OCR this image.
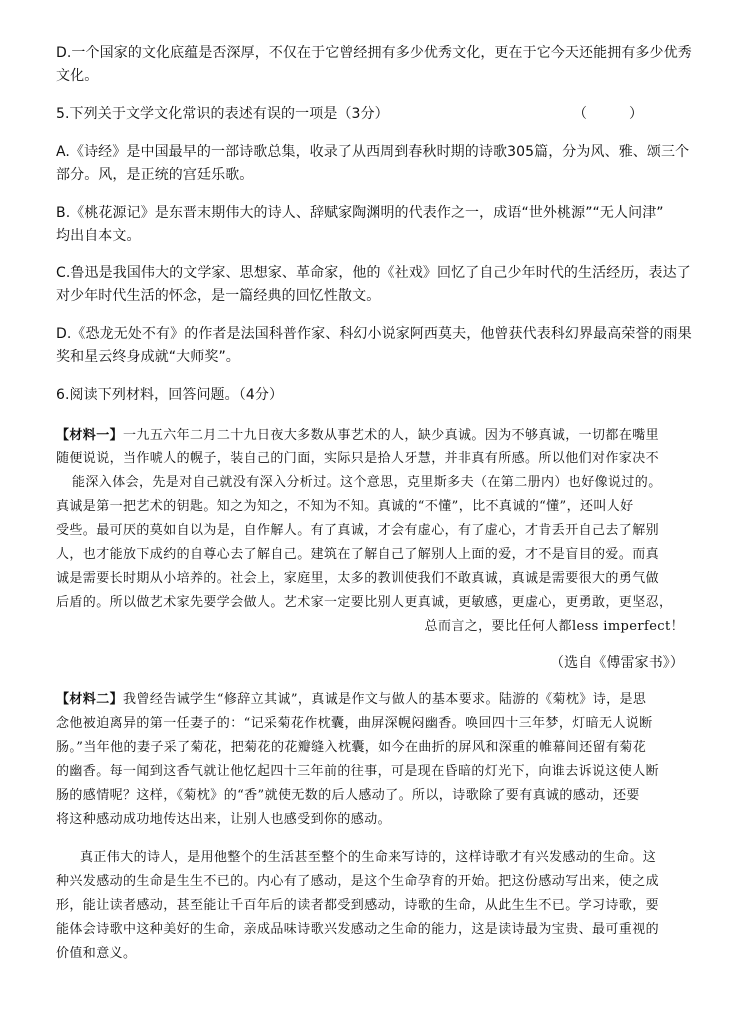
D.一个国家的文化底蕴是否深厚，不仅在于它曾经拥有多少优秀文化，更在于它今天还能拥有多少优秀
文化。
5.下列关于文学文化常识的表述有误的一项是（3分）	（　　　）
A.《诗经》是中国最早的一部诗歌总集，收录了从西周到春秋时期的诗歌305篇，分为风、雅、颂三个
部分。风，是正统的宫廷乐歌。
B.《桃花源记》是东晋末期伟大的诗人、辞赋家陶渊明的代表作之一，成语“世外桃源”“无人问津”
均出自本文。
C.鲁迅是我国伟大的文学家、思想家、革命家，他的《社戏》回忆了自己少年时代的生活经历，表达了
对少年时代生活的怀念，是一篇经典的回忆性散文。
D.《恐龙无处不有》的作者是法国科普作家、科幻小说家阿西莫夫，他曾获代表科幻界最高荣誉的雨果
奖和星云终身成就“大师奖”。
6.阅读下列材料，回答问题。（4分）
【材料一】一九五六年二月二十九日夜大多数从事艺术的人，缺少真诚。因为不够真诚，一切都在嘴里
随便说说，当作唬人的幌子，装自己的门面，实际只是拾人牙慧，并非真有所感。所以他们对作家决不
能深入体会，先是对自己就没有深入分析过。这个意思，克里斯多夫（在第二册内）也好像说过的。
真诚是第一把艺术的钥匙。知之为知之，不知为不知。真诚的“不懂”，比不真诚的“懂”，还叫人好
受些。最可厌的莫如自以为是，自作解人。有了真诚，才会有虚心，有了虚心，才肯丢开自己去了解别
人，也才能放下成约的自尊心去了解自己。建筑在了解自己了解别人上面的爱，才不是盲目的爱。而真
诚是需要长时期从小培养的。社会上，家庭里，太多的教训使我们不敢真诚，真诚是需要很大的勇气做
后盾的。所以做艺术家先要学会做人。艺术家一定要比别人更真诚，更敏感，更虚心，更勇敢，更坚忍，
总而言之，要比任何人都less imperfect！
（选自《傅雷家书》）
【材料二】我曾经告诫学生“修辞立其诚”，真诚是作文与做人的基本要求。陆游的《菊枕》诗，是思
念他被迫离异的第一任妻子的：“记采菊花作枕囊，曲屏深幌闷幽香。唤回四十三年梦，灯暗无人说断
肠。”当年他的妻子采了菊花，把菊花的花瓣缝入枕囊，如今在曲折的屏风和深重的帷幕间还留有菊花
的幽香。每一闻到这香气就让他忆起四十三年前的往事，可是现在昏暗的灯光下，向谁去诉说这使人断
肠的感情呢？这样，《菊枕》的“香”就使无数的后人感动了。所以，诗歌除了要有真诚的感动，还要
将这种感动成功地传达出来，让别人也感受到你的感动。
真正伟大的诗人，是用他整个的生活甚至整个的生命来写诗的，这样诗歌才有兴发感动的生命。这
种兴发感动的生命是生生不已的。内心有了感动，是这个生命孕育的开始。把这份感动写出来，使之成
形，能让读者感动，甚至能让千百年后的读者都受到感动，诗歌的生命，从此生生不已。学习诗歌，要
能体会诗歌中这种美好的生命，亲成品味诗歌兴发感动之生命的能力，这是读诗最为宝贵、最可重视的
价值和意义。
